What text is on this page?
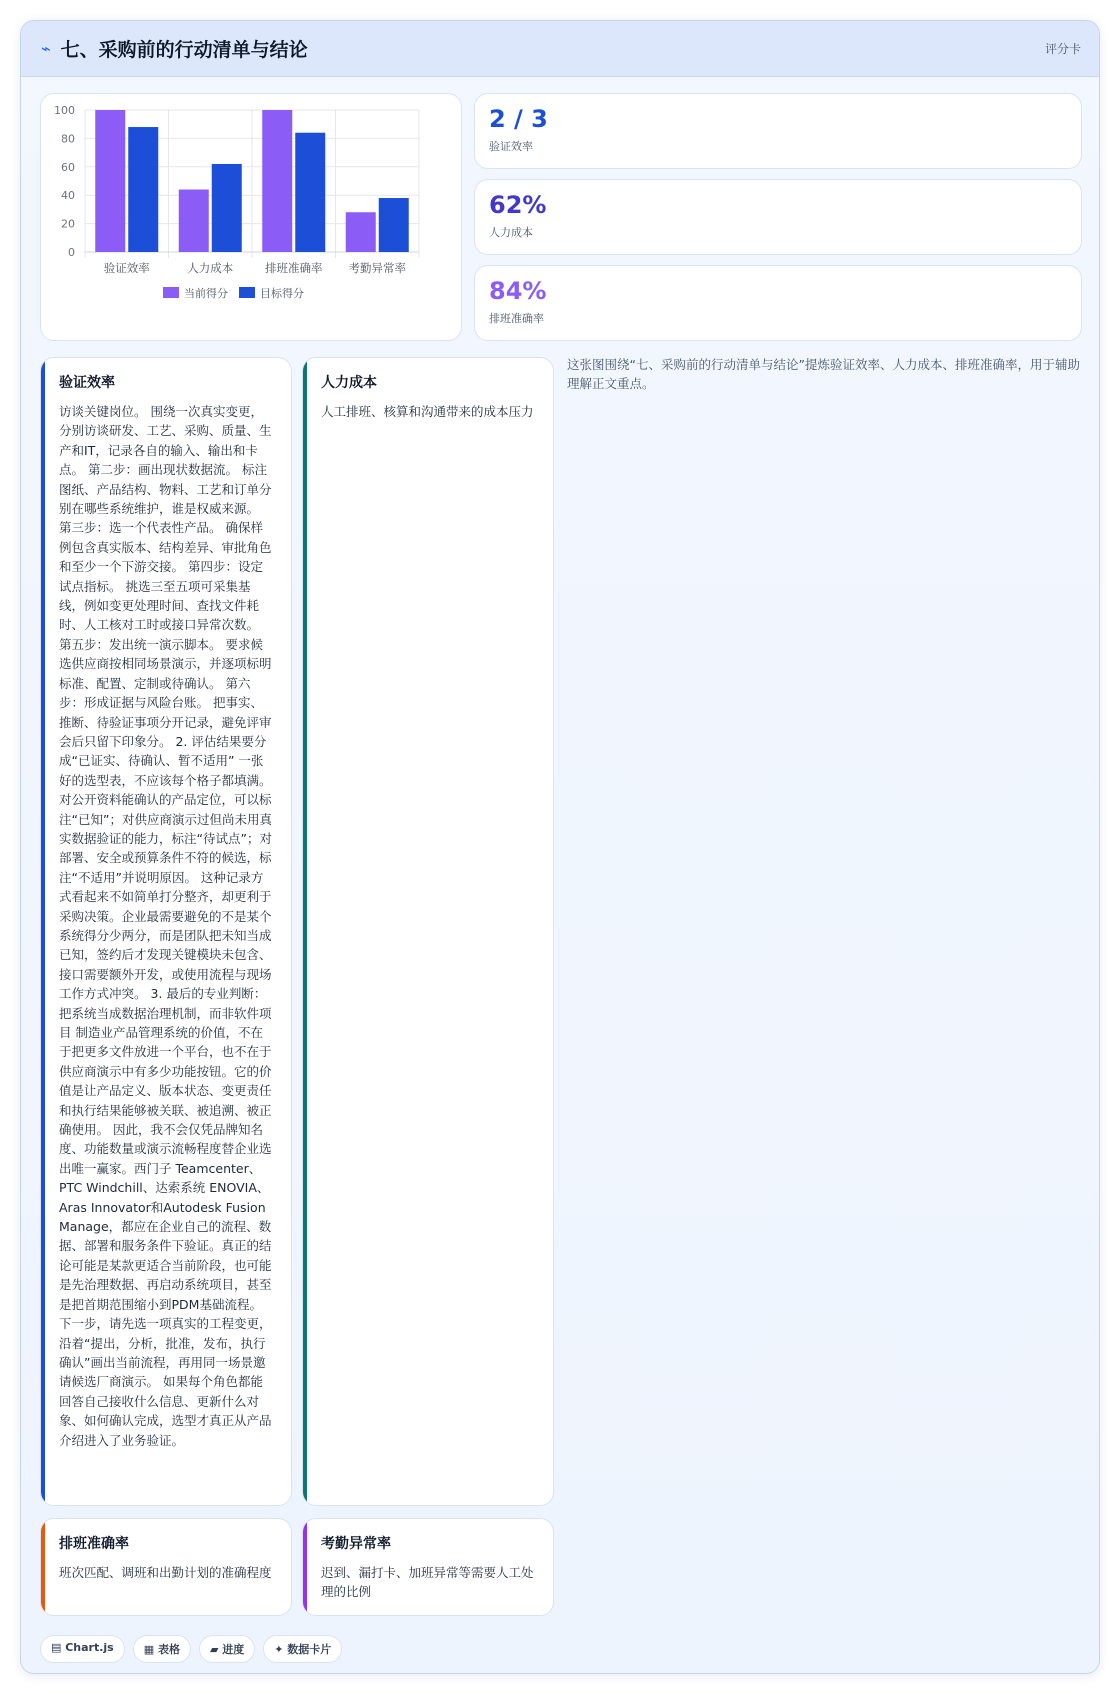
⌁ 七、采购前的行动清单与结论	评分卡
0
20
40
60
80
100
验证效率	人力成本	排班准确率 考勤异常率
当前得分	目标得分
2 / 3
验证效率
62%
人力成本
84%
排班准确率
验证效率
访谈关键岗位。 围绕一次真实变更，分别访谈研发、工艺、采购、质量、生产和IT，记录各自的输入、输出和卡点。 第二步：画出现状数据流。 标注图纸、产品结构、物料、工艺和订单分别在哪些系统维护，谁是权威来源。 第三步：选一个代表性产品。 确保样例包含真实版本、结构差异、审批角色和至少一个下游交接。 第四步：设定试点指标。 挑选三至五项可采集基线，例如变更处理时间、查找文件耗时、人工核对工时或接口异常次数。 第五步：发出统一演示脚本。 要求候选供应商按相同场景演示，并逐项标明标准、配置、定制或待确认。 第六步：形成证据与风险台账。 把事实、推断、待验证事项分开记录，避免评审会后只留下印象分。 2. 评估结果要分成“已证实、待确认、暂不适用” 一张好的选型表，不应该每个格子都填满。对公开资料能确认的产品定位，可以标注“已知”；对供应商演示过但尚未用真实数据验证的能力，标注“待试点”；对部署、安全或预算条件不符的候选，标注“不适用”并说明原因。 这种记录方式看起来不如简单打分整齐，却更利于采购决策。企业最需要避免的不是某个系统得分少两分，而是团队把未知当成已知，签约后才发现关键模块未包含、接口需要额外开发，或使用流程与现场工作方式冲突。 3. 最后的专业判断：把系统当成数据治理机制，而非软件项目 制造业产品管理系统的价值，不在于把更多文件放进一个平台，也不在于供应商演示中有多少功能按钮。它的价值是让产品定义、版本状态、变更责任和执行结果能够被关联、被追溯、被正确使用。 因此，我不会仅凭品牌知名度、功能数量或演示流畅程度替企业选出唯一赢家。西门子 Teamcenter、PTC Windchill、达索系统 ENOVIA、Aras Innovator和Autodesk Fusion Manage，都应在企业自己的流程、数据、部署和服务条件下验证。真正的结论可能是某款更适合当前阶段，也可能是先治理数据、再启动系统项目，甚至是把首期范围缩小到PDM基础流程。 下一步，请先选一项真实的工程变更，沿着“提出，分析，批准，发布，执行确认”画出当前流程，再用同一场景邀请候选厂商演示。 如果每个角色都能回答自己接收什么信息、更新什么对象、如何确认完成，选型才真正从产品介绍进入了业务验证。
人力成本
人工排班、核算和沟通带来的成本压力
排班准确率
班次匹配、调班和出勤计划的准确程度
考勤异常率
迟到、漏打卡、加班异常等需要人工处理的比例
这张图围绕“七、采购前的行动清单与结论”提炼验证效率、人力成本、排班准确率，用于辅助理解正文重点。
▤ Chart.js	▦ 表格	▰ 进度	✦ 数据卡片
